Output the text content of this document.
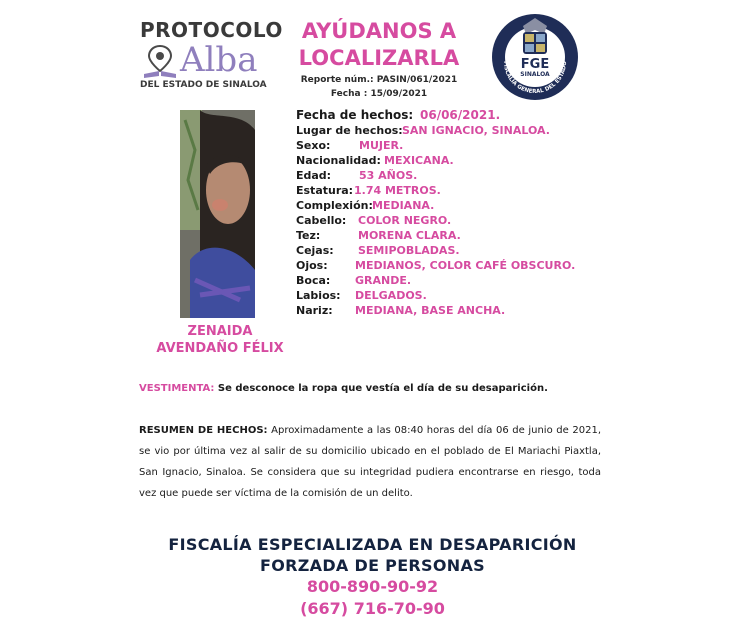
PROTOCOLO
Alba
DEL ESTADO DE SINALOA
AYÚDANOS A
LOCALIZARLA
Reporte núm.: PASIN/061/2021
Fecha : 15/09/2021
FISCALÍA GENERAL DEL ESTADO
FGE
SINALOA
ZENAIDA
AVENDAÑO FÉLIX
Fecha de hechos: 06/06/2021.
Lugar de hechos: SAN IGNACIO, SINALOA.
Sexo:	MUJER.
Nacionalidad: MEXICANA.
Edad:	53 AÑOS.
Estatura: 1.74 METROS.
Complexión: MEDIANA.
Cabello: COLOR NEGRO.
Tez:	MORENA CLARA.
Cejas: SEMIPOBLADAS.
Ojos: MEDIANOS, COLOR CAFÉ OBSCURO.
Boca: GRANDE.
Labios: DELGADOS.
Nariz: MEDIANA, BASE ANCHA.
VESTIMENTA: Se desconoce la ropa que vestía el día de su desaparición.
RESUMEN DE HECHOS: Aproximadamente a las 08:40 horas del día 06 de junio de 2021, se vio por última vez al salir de su domicilio ubicado en el poblado de El Mariachi Piaxtla, San Ignacio, Sinaloa. Se considera que su integridad pudiera encontrarse en riesgo, toda vez que puede ser víctima de la comisión de un delito.
FISCALÍA ESPECIALIZADA EN DESAPARICIÓN
FORZADA DE PERSONAS
800-890-90-92
(667) 716-70-90
